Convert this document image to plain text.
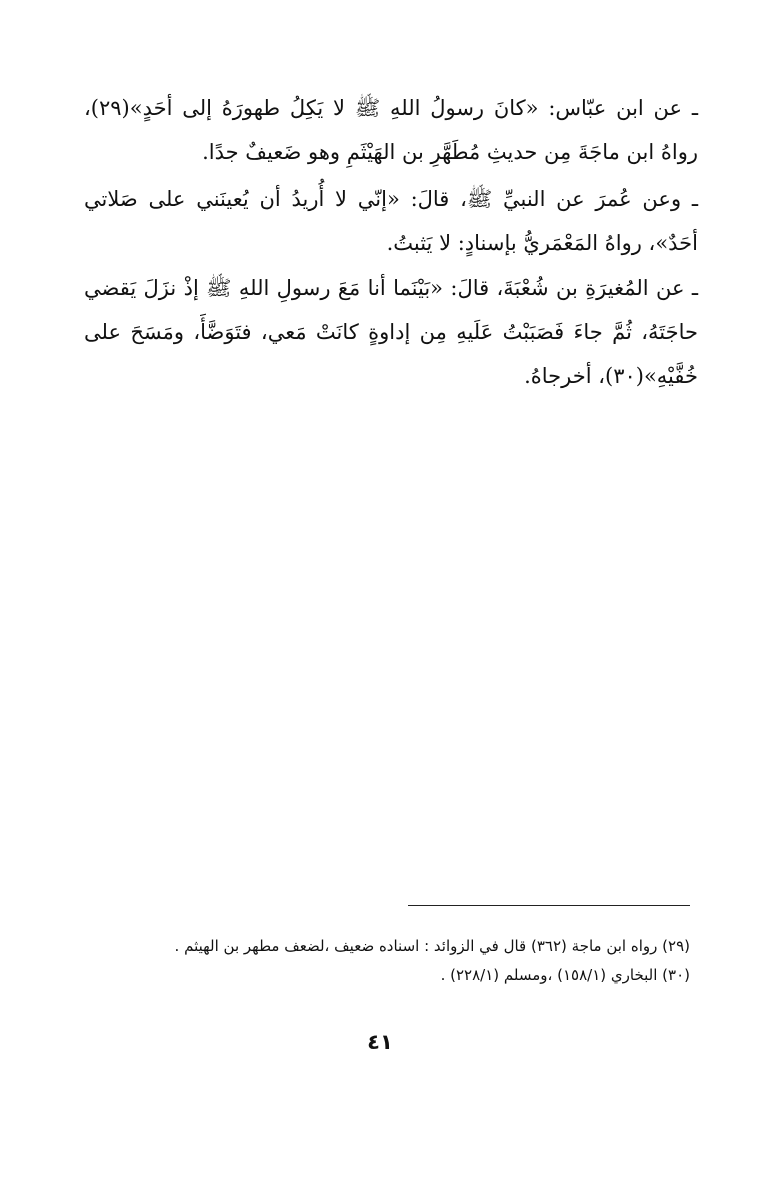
ـ عن ابن عبّاس: «كانَ رسولُ اللهِ ﷺ لا يَكِلُ طهورَهُ إلى أحَدٍ»(٢٩)، رواهُ ابن ماجَةَ مِن حديثِ مُطَهَّرِ بن الهَيْثَمِ وهو ضَعيفٌ جدًا.

ـ وعن عُمرَ عن النبيِّ ﷺ، قالَ: «إنّي لا أُريدُ أن يُعينَني على صَلاتي أحَدٌ»، رواهُ المَعْمَريُّ بإسنادٍ: لا يَثبتُ.

ـ عن المُغيرَةِ بن شُعْبَةَ، قالَ: «بَيْنَما أنا مَعَ رسولِ اللهِ ﷺ إذْ نزَلَ يَقضي حاجَتَهُ، ثُمَّ جاءَ فَصَبَبْتُ عَلَيهِ مِن إداوةٍ كانَتْ مَعي، فتَوَضَّأَ، ومَسَحَ على خُفَّيْهِ»(٣٠)، أخرجاهُ.

(٢٩) رواه ابن ماجة (٣٦٢) قال في الزوائد : اسناده ضعيف ،لضعف مطهر بن الهيثم .
(٣٠) البخاري (١٥٨/١) ،ومسلم (٢٢٨/١) .
٤١
